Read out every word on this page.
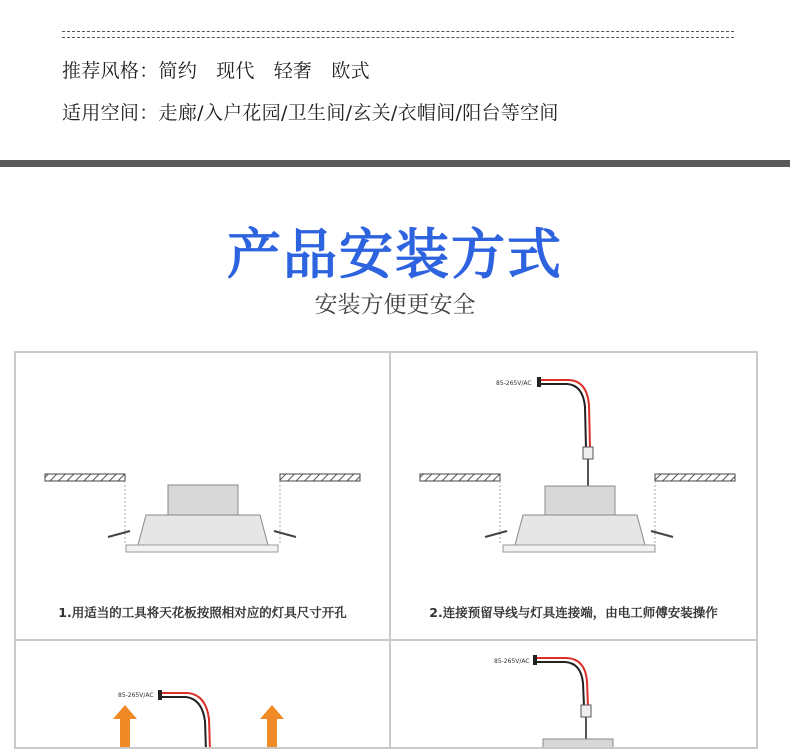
推荐风格：简约   现代   轻奢   欧式
适用空间：走廊/入户花园/卫生间/玄关/衣帽间/阳台等空间
产品安装方式
安装方便更安全
1.用适当的工具将天花板按照相对应的灯具尺寸开孔
85-265V/AC
2.连接预留导线与灯具连接端，由电工师傅安装操作
85-265V/AC
85-265V/AC
